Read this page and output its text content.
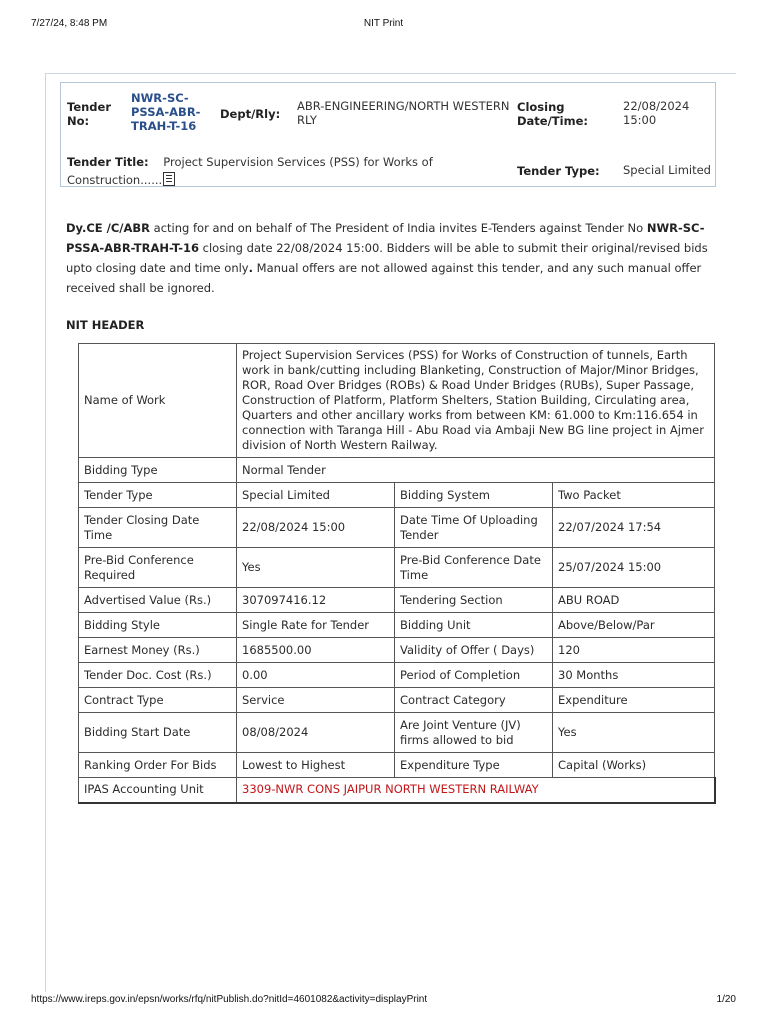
7/27/24, 8:48 PM	NIT Print
Tender No:
NWR-SC-PSSA-ABR-TRAH-T-16
Dept/Rly:
ABR-ENGINEERING/NORTH WESTERN RLY
Closing Date/Time:
22/08/2024 15:00
Tender Title: Project Supervision Services (PSS) for Works of Construction......
Tender Type: Special Limited
Dy.CE /C/ABR acting for and on behalf of The President of India invites E-Tenders against Tender No NWR-SC-PSSA-ABR-TRAH-T-16 closing date 22/08/2024 15:00. Bidders will be able to submit their original/revised bids upto closing date and time only. Manual offers are not allowed against this tender, and any such manual offer received shall be ignored.
NIT HEADER
Name of Work	Project Supervision Services (PSS) for Works of Construction of tunnels, Earth work in bank/cutting including Blanketing, Construction of Major/Minor Bridges, ROR, Road Over Bridges (ROBs) & Road Under Bridges (RUBs), Super Passage, Construction of Platform, Platform Shelters, Station Building, Circulating area, Quarters and other ancillary works from between KM: 61.000 to Km:116.654 in connection with Taranga Hill - Abu Road via Ambaji New BG line project in Ajmer division of North Western Railway.		
Bidding Type	Normal Tender		
Tender Type	Special Limited	Bidding System	Two Packet
Tender Closing Date Time	22/08/2024 15:00	Date Time Of Uploading Tender	22/07/2024 17:54
Pre-Bid Conference Required	Yes	Pre-Bid Conference Date Time	25/07/2024 15:00
Advertised Value (Rs.)	307097416.12	Tendering Section	ABU ROAD
Bidding Style	Single Rate for Tender	Bidding Unit	Above/Below/Par
Earnest Money (Rs.)	1685500.00	Validity of Offer ( Days)	120
Tender Doc. Cost (Rs.)	0.00	Period of Completion	30 Months
Contract Type	Service	Contract Category	Expenditure
Bidding Start Date	08/08/2024	Are Joint Venture (JV) firms allowed to bid	Yes
Ranking Order For Bids	Lowest to Highest	Expenditure Type	Capital (Works)
IPAS Accounting Unit	3309-NWR CONS JAIPUR NORTH WESTERN RAILWAY		
https://www.ireps.gov.in/epsn/works/rfq/nitPublish.do?nitId=4601082&activity=displayPrint	1/20
